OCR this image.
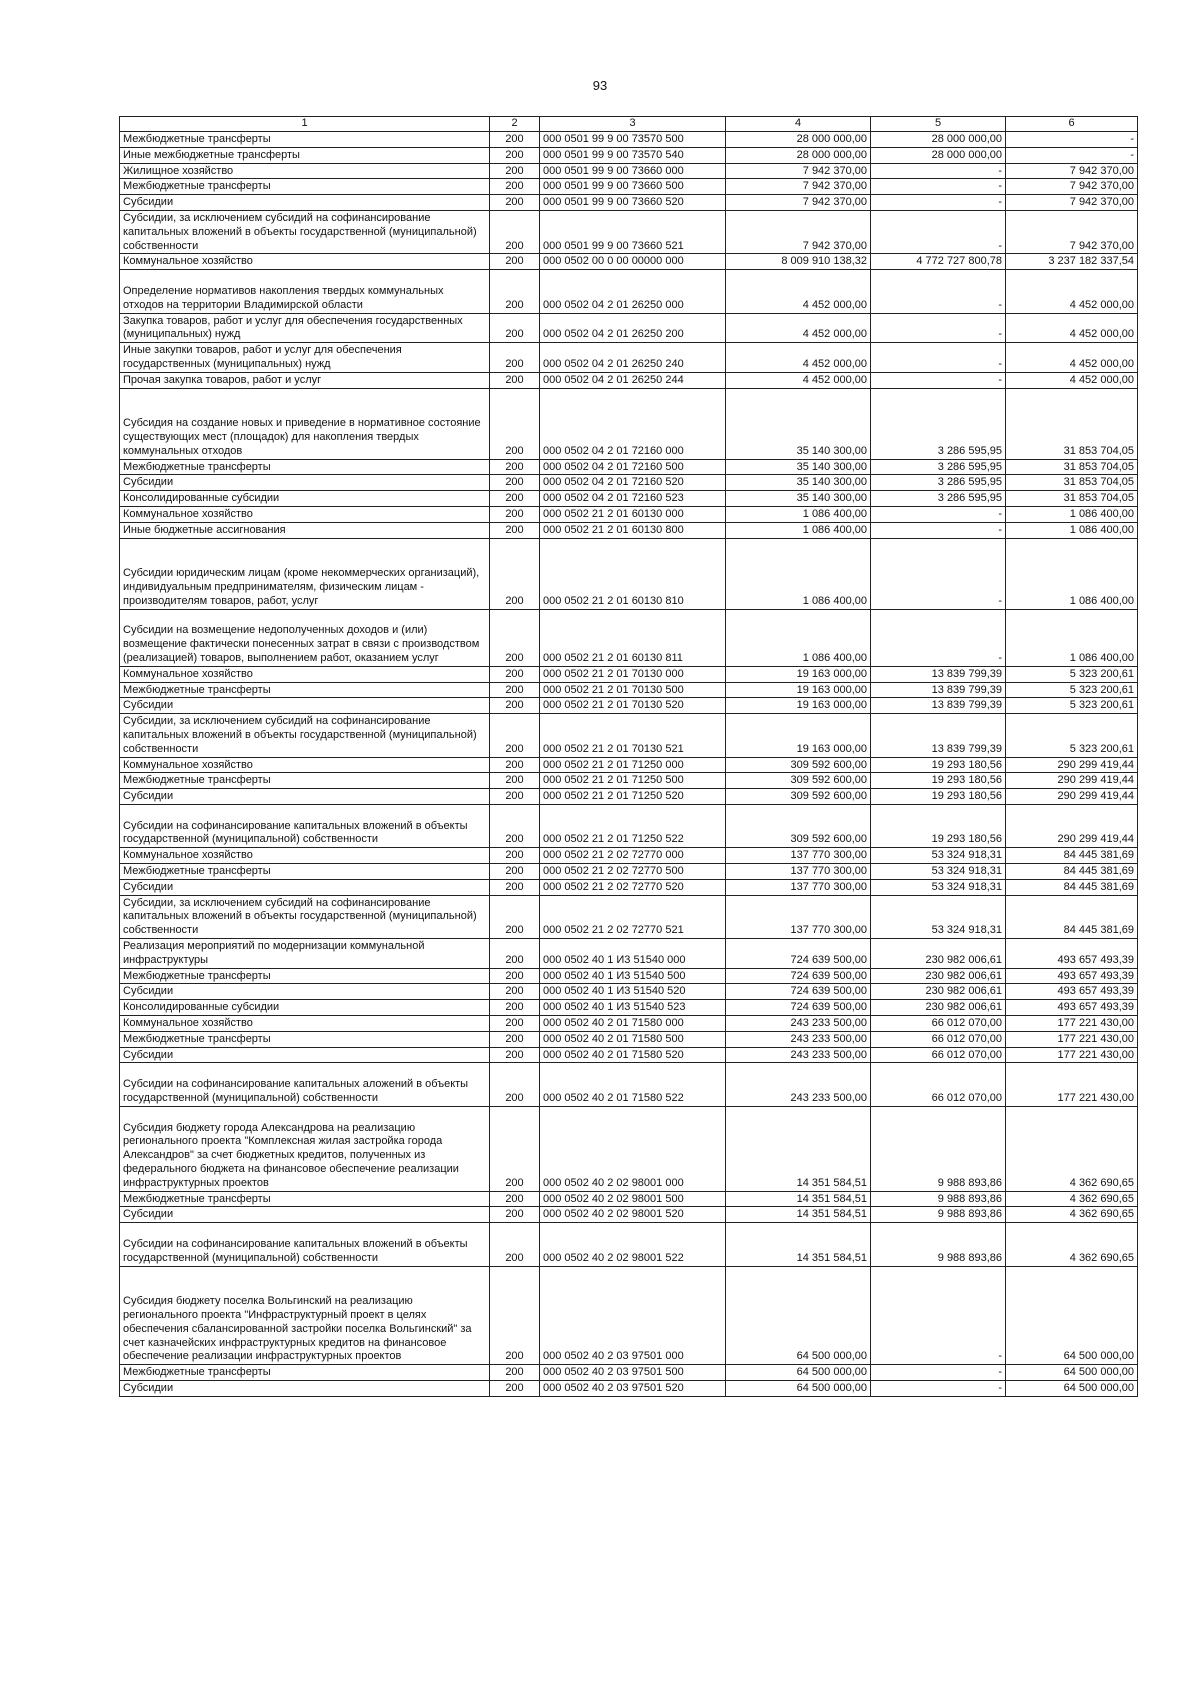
93
1	2	3	4	5	6
Межбюджетные трансферты	200	000 0501 99 9 00 73570 500	28 000 000,00	28 000 000,00	-
Иные межбюджетные трансферты	200	000 0501 99 9 00 73570 540	28 000 000,00	28 000 000,00	-
Жилищное хозяйство	200	000 0501 99 9 00 73660 000	7 942 370,00	-	7 942 370,00
Межбюджетные трансферты	200	000 0501 99 9 00 73660 500	7 942 370,00	-	7 942 370,00
Субсидии	200	000 0501 99 9 00 73660 520	7 942 370,00	-	7 942 370,00
Субсидии, за исключением субсидий на софинансирование капитальных вложений в объекты государственной (муниципальной) собственности	200	000 0501 99 9 00 73660 521	7 942 370,00	-	7 942 370,00
Коммунальное хозяйство	200	000 0502 00 0 00 00000 000	8 009 910 138,32	4 772 727 800,78	3 237 182 337,54
Определение нормативов накопления твердых коммунальных отходов на территории Владимирской области	200	000 0502 04 2 01 26250 000	4 452 000,00	-	4 452 000,00
Закупка товаров, работ и услуг для обеспечения государственных (муниципальных) нужд	200	000 0502 04 2 01 26250 200	4 452 000,00	-	4 452 000,00
Иные закупки товаров, работ и услуг для обеспечения государственных (муниципальных) нужд	200	000 0502 04 2 01 26250 240	4 452 000,00	-	4 452 000,00
Прочая закупка товаров, работ и услуг	200	000 0502 04 2 01 26250 244	4 452 000,00	-	4 452 000,00
Субсидия на создание новых и приведение в нормативное состояние существующих мест (площадок) для накопления твердых коммунальных отходов	200	000 0502 04 2 01 72160 000	35 140 300,00	3 286 595,95	31 853 704,05
Межбюджетные трансферты	200	000 0502 04 2 01 72160 500	35 140 300,00	3 286 595,95	31 853 704,05
Субсидии	200	000 0502 04 2 01 72160 520	35 140 300,00	3 286 595,95	31 853 704,05
Консолидированные субсидии	200	000 0502 04 2 01 72160 523	35 140 300,00	3 286 595,95	31 853 704,05
Коммунальное хозяйство	200	000 0502 21 2 01 60130 000	1 086 400,00	-	1 086 400,00
Иные бюджетные ассигнования	200	000 0502 21 2 01 60130 800	1 086 400,00	-	1 086 400,00
Субсидии юридическим лицам (кроме некоммерческих организаций), индивидуальным предпринимателям, физическим лицам - производителям товаров, работ, услуг	200	000 0502 21 2 01 60130 810	1 086 400,00	-	1 086 400,00
Субсидии на возмещение недополученных доходов и (или) возмещение фактически понесенных затрат в связи с производством (реализацией) товаров, выполнением работ, оказанием услуг	200	000 0502 21 2 01 60130 811	1 086 400,00	-	1 086 400,00
Коммунальное хозяйство	200	000 0502 21 2 01 70130 000	19 163 000,00	13 839 799,39	5 323 200,61
Межбюджетные трансферты	200	000 0502 21 2 01 70130 500	19 163 000,00	13 839 799,39	5 323 200,61
Субсидии	200	000 0502 21 2 01 70130 520	19 163 000,00	13 839 799,39	5 323 200,61
Субсидии, за исключением субсидий на софинансирование капитальных вложений в объекты государственной (муниципальной) собственности	200	000 0502 21 2 01 70130 521	19 163 000,00	13 839 799,39	5 323 200,61
Коммунальное хозяйство	200	000 0502 21 2 01 71250 000	309 592 600,00	19 293 180,56	290 299 419,44
Межбюджетные трансферты	200	000 0502 21 2 01 71250 500	309 592 600,00	19 293 180,56	290 299 419,44
Субсидии	200	000 0502 21 2 01 71250 520	309 592 600,00	19 293 180,56	290 299 419,44
Субсидии на софинансирование капитальных вложений в объекты государственной (муниципальной) собственности	200	000 0502 21 2 01 71250 522	309 592 600,00	19 293 180,56	290 299 419,44
Коммунальное хозяйство	200	000 0502 21 2 02 72770 000	137 770 300,00	53 324 918,31	84 445 381,69
Межбюджетные трансферты	200	000 0502 21 2 02 72770 500	137 770 300,00	53 324 918,31	84 445 381,69
Субсидии	200	000 0502 21 2 02 72770 520	137 770 300,00	53 324 918,31	84 445 381,69
Субсидии, за исключением субсидий на софинансирование капитальных вложений в объекты государственной (муниципальной) собственности	200	000 0502 21 2 02 72770 521	137 770 300,00	53 324 918,31	84 445 381,69
Реализация мероприятий по модернизации коммунальной инфраструктуры	200	000 0502 40 1 И3 51540 000	724 639 500,00	230 982 006,61	493 657 493,39
Межбюджетные трансферты	200	000 0502 40 1 И3 51540 500	724 639 500,00	230 982 006,61	493 657 493,39
Субсидии	200	000 0502 40 1 И3 51540 520	724 639 500,00	230 982 006,61	493 657 493,39
Консолидированные субсидии	200	000 0502 40 1 И3 51540 523	724 639 500,00	230 982 006,61	493 657 493,39
Коммунальное хозяйство	200	000 0502 40 2 01 71580 000	243 233 500,00	66 012 070,00	177 221 430,00
Межбюджетные трансферты	200	000 0502 40 2 01 71580 500	243 233 500,00	66 012 070,00	177 221 430,00
Субсидии	200	000 0502 40 2 01 71580 520	243 233 500,00	66 012 070,00	177 221 430,00
Субсидии на софинансирование капитальных аложений в объекты государственной (муниципальной) собственности	200	000 0502 40 2 01 71580 522	243 233 500,00	66 012 070,00	177 221 430,00
Субсидия бюджету города Александрова на реализацию регионального проекта "Комплексная жилая застройка города Александров" за счет бюджетных кредитов, полученных из федерального бюджета на финансовое обеспечение реализации инфраструктурных проектов	200	000 0502 40 2 02 98001 000	14 351 584,51	9 988 893,86	4 362 690,65
Межбюджетные трансферты	200	000 0502 40 2 02 98001 500	14 351 584,51	9 988 893,86	4 362 690,65
Субсидии	200	000 0502 40 2 02 98001 520	14 351 584,51	9 988 893,86	4 362 690,65
Субсидии на софинансирование капитальных вложений в объекты государственной (муниципальной) собственности	200	000 0502 40 2 02 98001 522	14 351 584,51	9 988 893,86	4 362 690,65
Субсидия бюджету поселка Вольгинский на реализацию регионального проекта "Инфраструктурный проект в целях обеспечения сбалансированной застройки поселка Вольгинский" за счет казначейских инфраструктурных кредитов на финансовое обеспечение реализации инфраструктурных проектов	200	000 0502 40 2 03 97501 000	64 500 000,00	-	64 500 000,00
Межбюджетные трансферты	200	000 0502 40 2 03 97501 500	64 500 000,00	-	64 500 000,00
Субсидии	200	000 0502 40 2 03 97501 520	64 500 000,00	-	64 500 000,00
